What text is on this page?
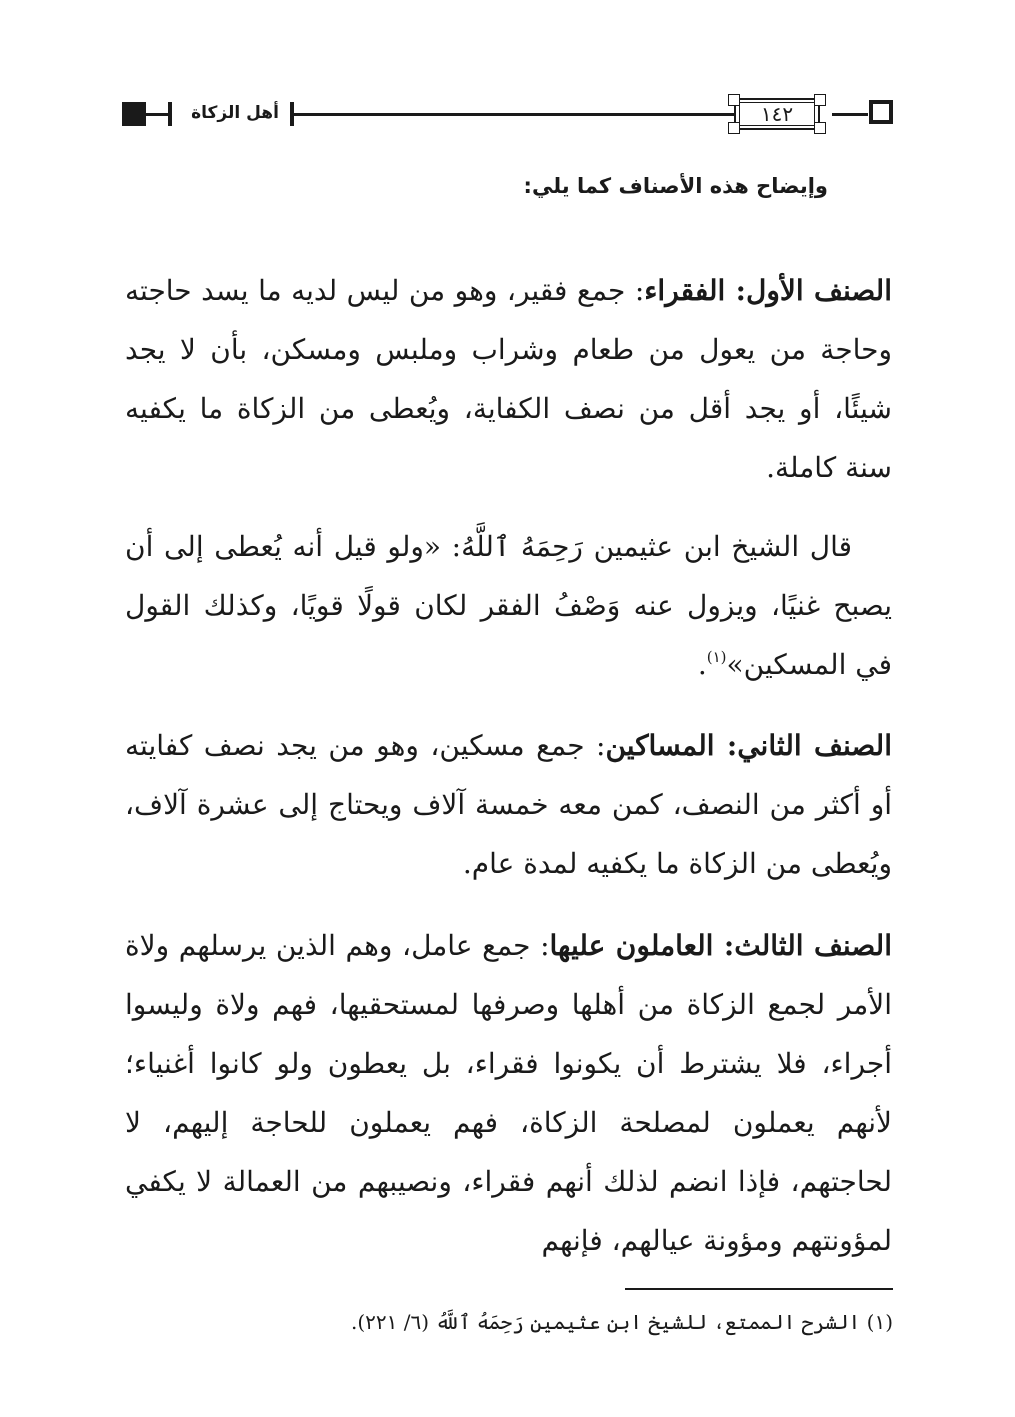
أهل الزكاة	١٤٢
وإيضاح هذه الأصناف كما يلي:

الصنف الأول: الفقراء: جمع فقير، وهو من ليس لديه ما يسد حاجته وحاجة من يعول من طعام وشراب وملبس ومسكن، بأن لا يجد شيئًا، أو يجد أقل من نصف الكفاية، ويُعطى من الزكاة ما يكفيه سنة كاملة.

قال الشيخ ابن عثيمين رَحِمَهُ ٱللَّهُ: «ولو قيل أنه يُعطى إلى أن يصبح غنيًا، ويزول عنه وَصْفُ الفقر لكان قولًا قويًا، وكذلك القول في المسكين»$^{(١)}$.

الصنف الثاني: المساكين: جمع مسكين، وهو من يجد نصف كفايته أو أكثر من النصف، كمن معه خمسة آلاف ويحتاج إلى عشرة آلاف، ويُعطى من الزكاة ما يكفيه لمدة عام.

الصنف الثالث: العاملون عليها: جمع عامل، وهم الذين يرسلهم ولاة الأمر لجمع الزكاة من أهلها وصرفها لمستحقيها، فهم ولاة وليسوا أجراء، فلا يشترط أن يكونوا فقراء، بل يعطون ولو كانوا أغنياء؛ لأنهم يعملون لمصلحة الزكاة، فهم يعملون للحاجة إليهم، لا لحاجتهم، فإذا انضم لذلك أنهم فقراء، ونصيبهم من العمالة لا يكفي لمؤونتهم ومؤونة عيالهم، فإنهم

(١) الشرح الممتع، للشيخ ابن عثيمين رَحِمَهُ ٱللَّهُ (٦/ ٢٢١).
